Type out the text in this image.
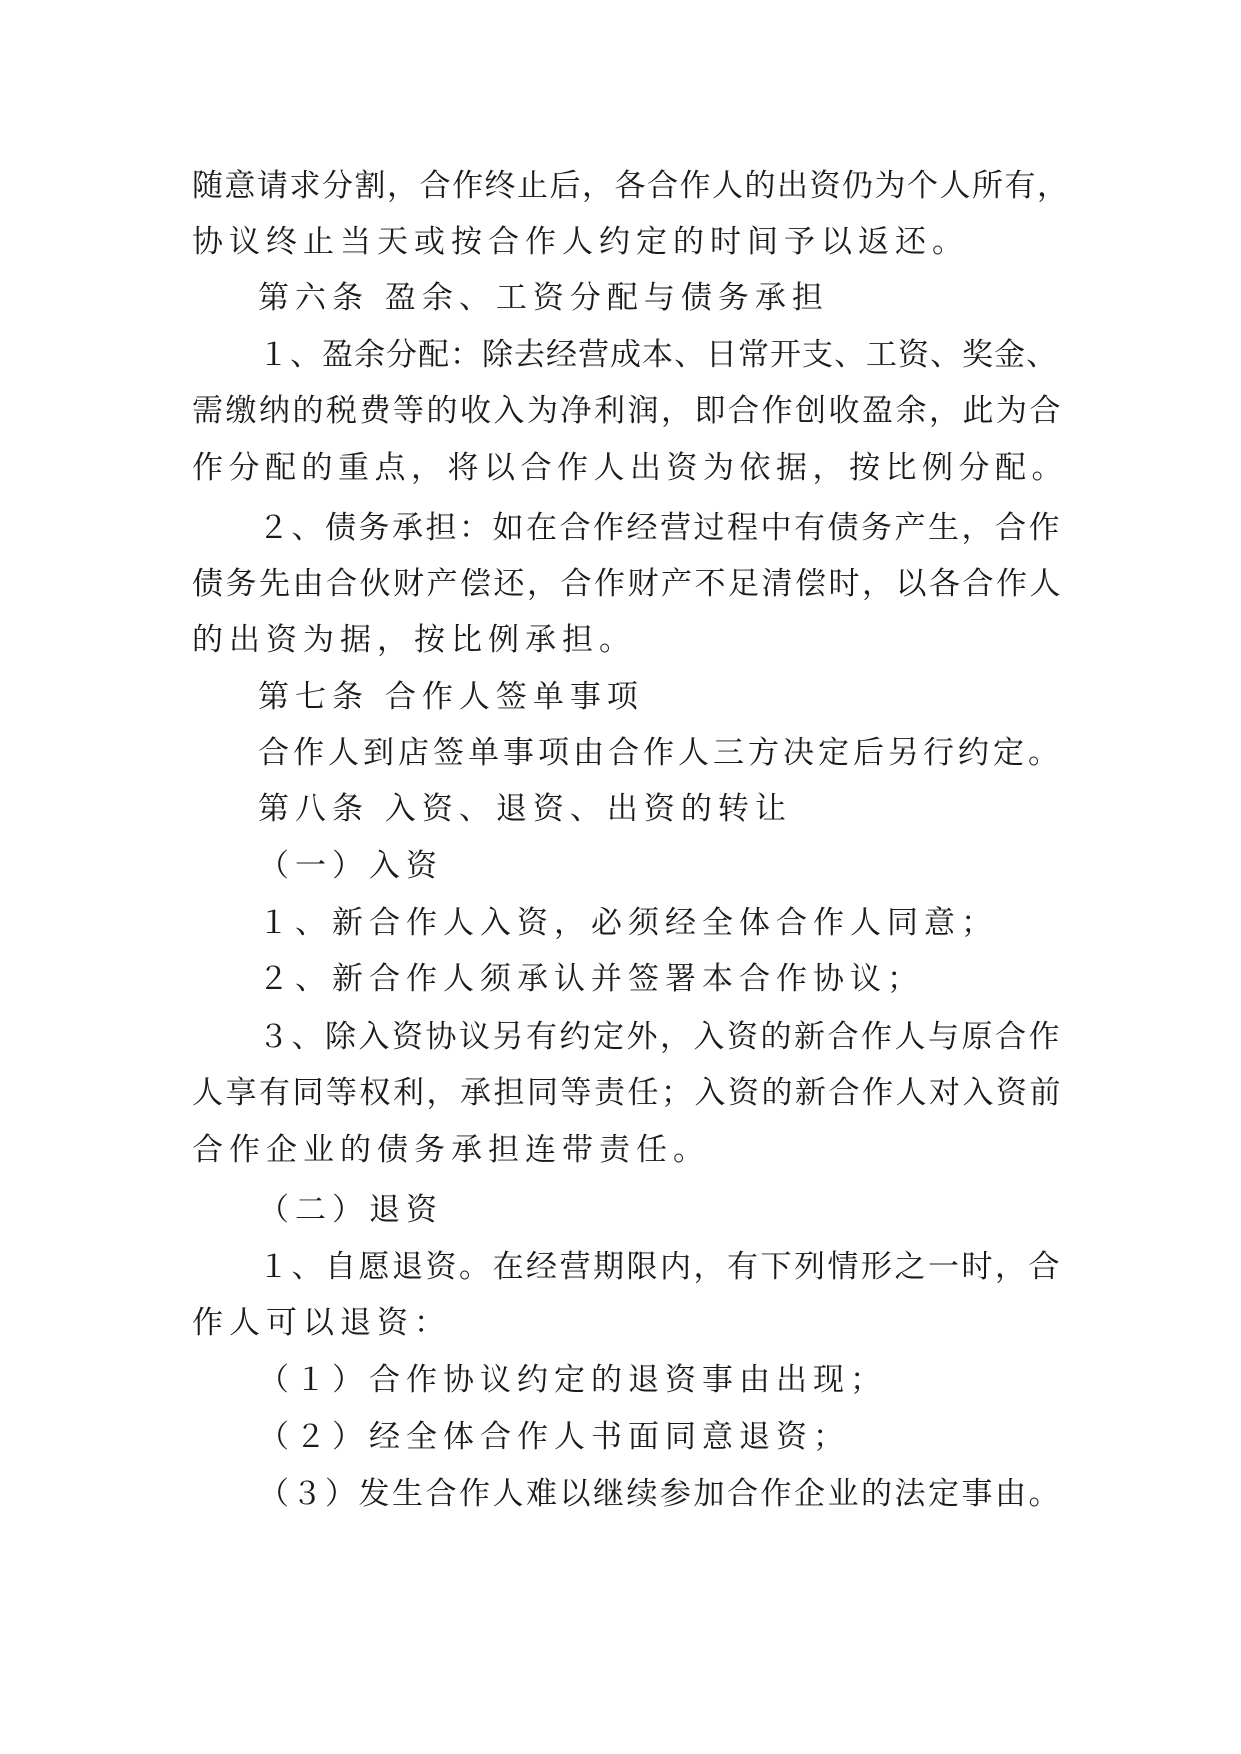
随意请求分割，合作终止后，各合作人的出资仍为个人所有，
协议终止当天或按合作人约定的时间予以返还。
第六条 盈余、工资分配与债务承担
１、盈余分配：除去经营成本、日常开支、工资、奖金、
需缴纳的税费等的收入为净利润，即合作创收盈余，此为合
作分配的重点，将以合作人出资为依据，按比例分配。
２、债务承担：如在合作经营过程中有债务产生，合作
债务先由合伙财产偿还，合作财产不足清偿时，以各合作人
的出资为据，按比例承担。
第七条 合作人签单事项
合作人到店签单事项由合作人三方决定后另行约定。
第八条 入资、退资、出资的转让
（一）入资
１、新合作人入资，必须经全体合作人同意；
２、新合作人须承认并签署本合作协议；
３、除入资协议另有约定外，入资的新合作人与原合作
人享有同等权利，承担同等责任；入资的新合作人对入资前
合作企业的债务承担连带责任。
（二）退资
１、自愿退资。在经营期限内，有下列情形之一时，合
作人可以退资：
（１）合作协议约定的退资事由出现；
（２）经全体合作人书面同意退资；
（３）发生合作人难以继续参加合作企业的法定事由。
